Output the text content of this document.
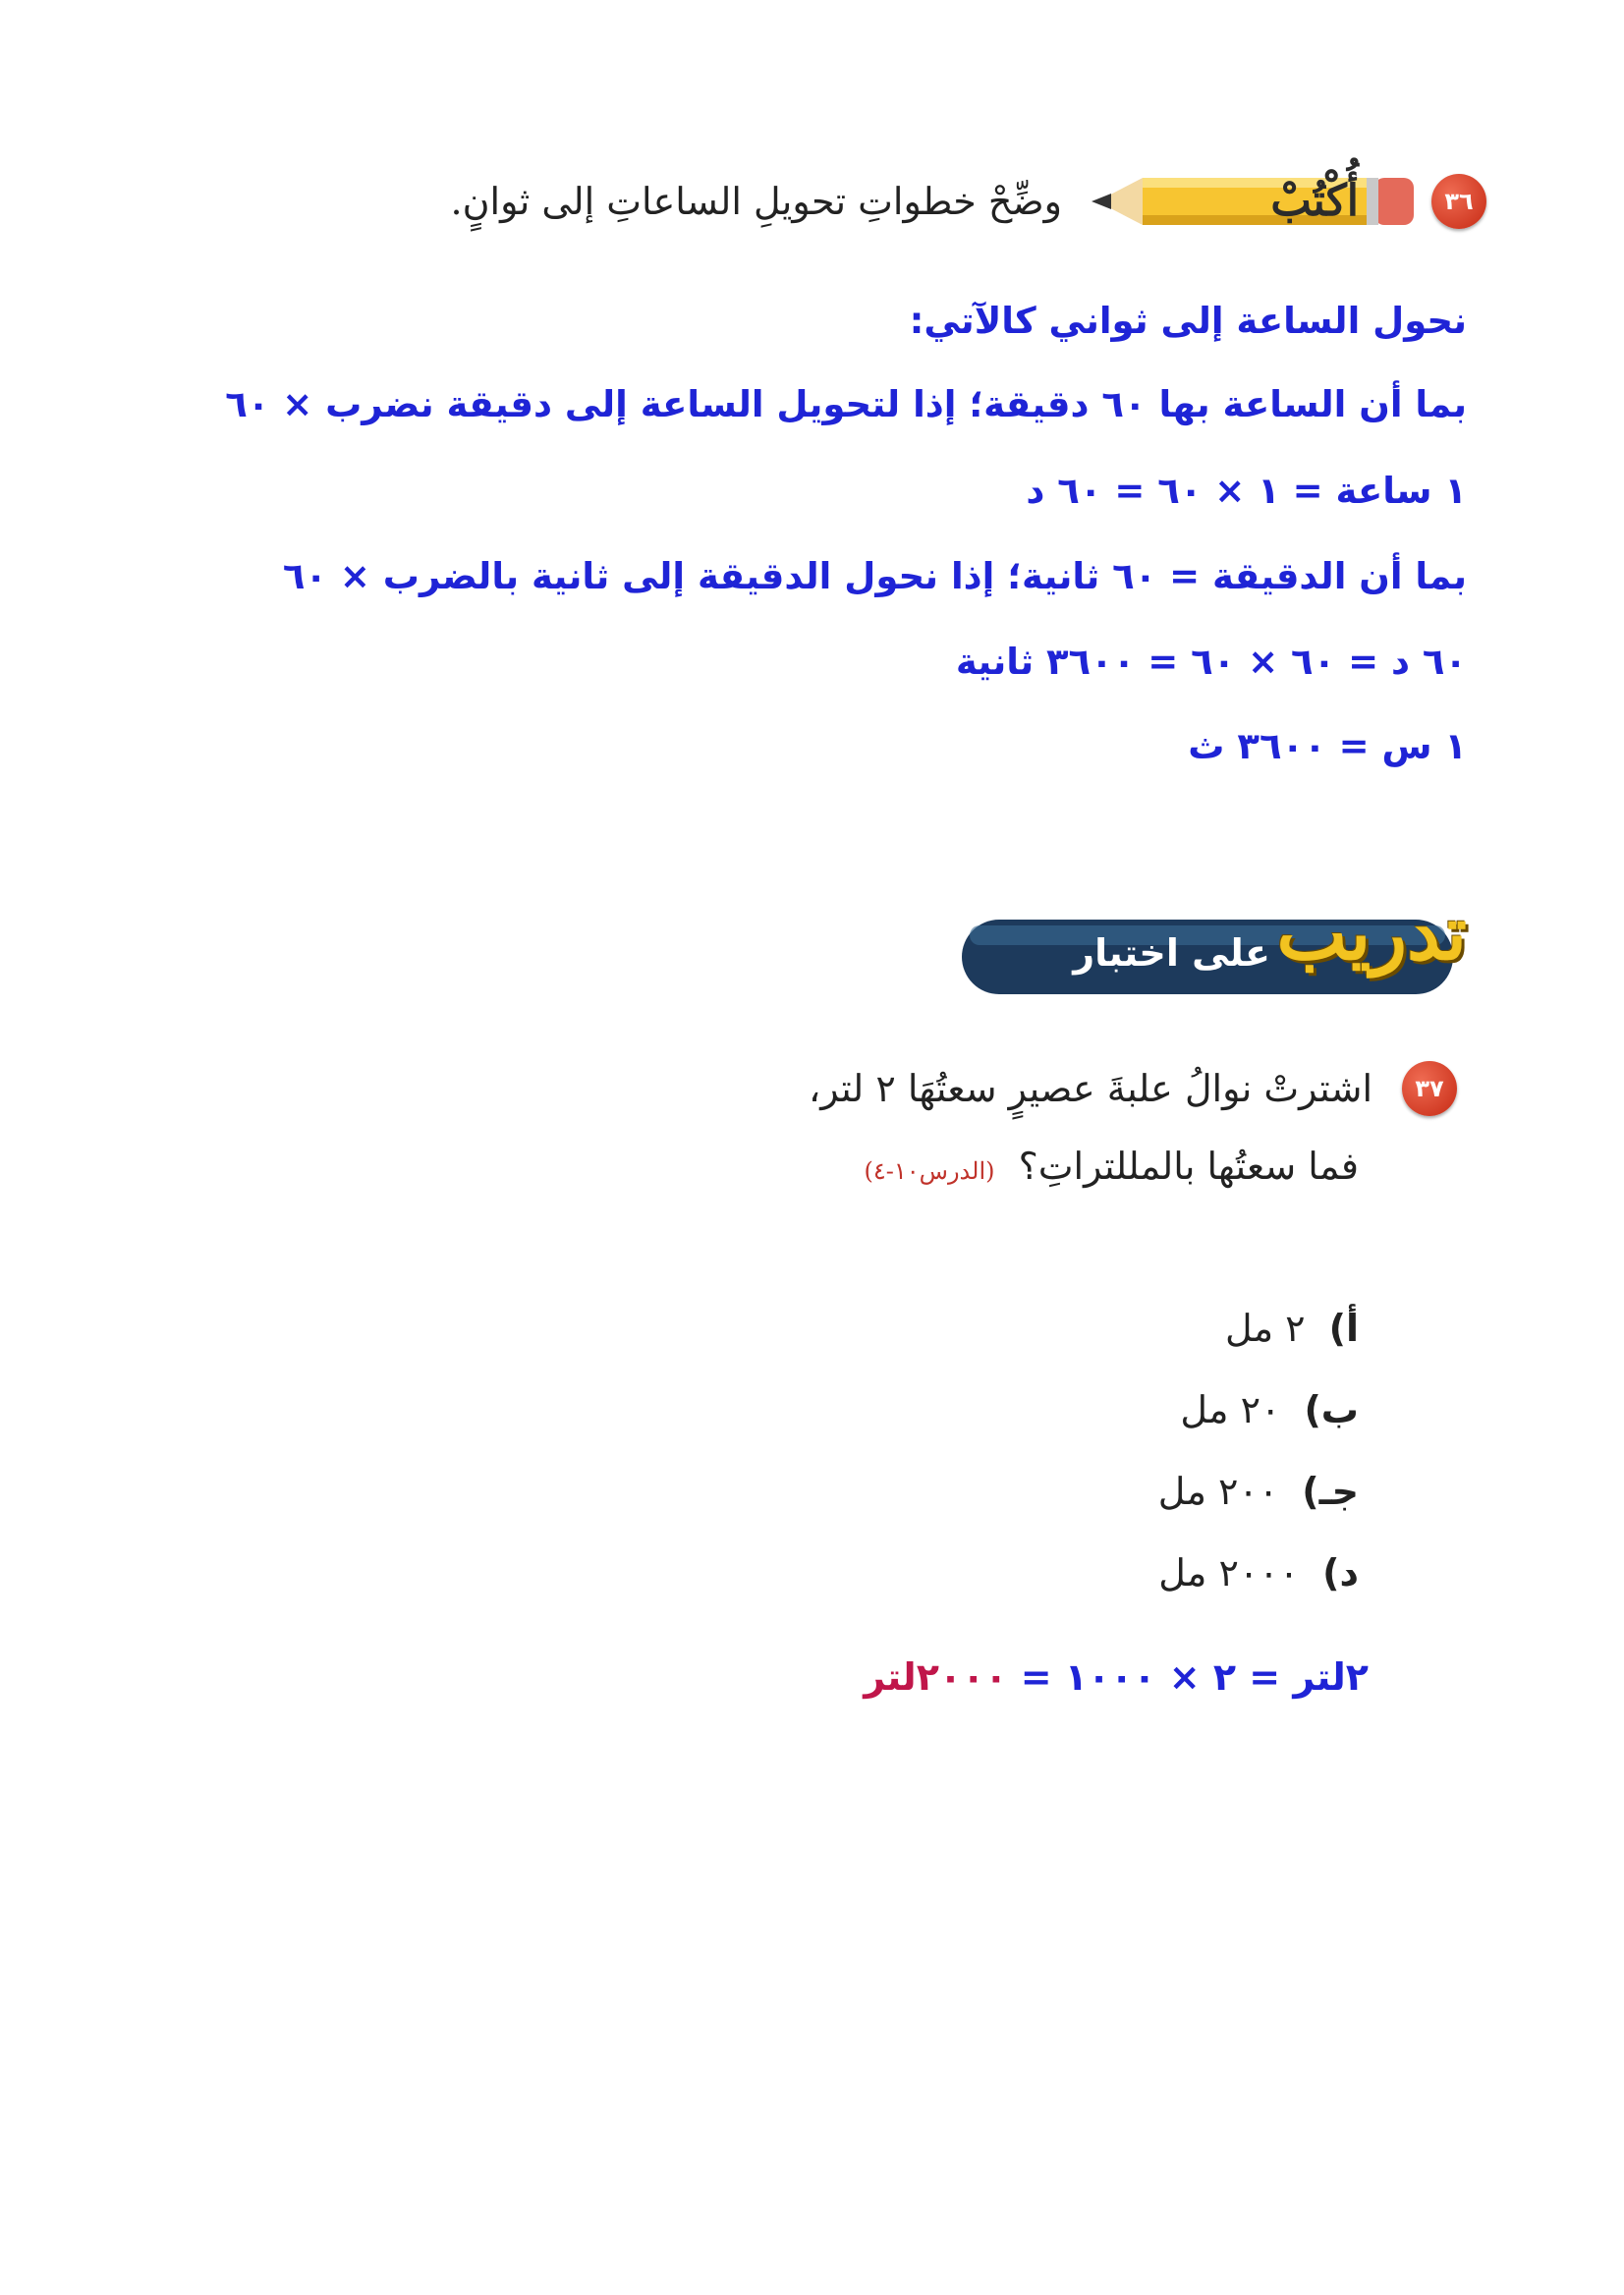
٣٦
أُكْتُبْ
وضِّحْ خطواتِ تحويلِ الساعاتِ إلى ثوانٍ.
نحول الساعة إلى ثواني كالآتي:
بما أن الساعة بها ٦٠ دقيقة؛ إذا لتحويل الساعة إلى دقيقة نضرب × ٦٠
١ ساعة = ١ × ٦٠ = ٦٠ د
بما أن الدقيقة = ٦٠ ثانية؛ إذا نحول الدقيقة إلى ثانية بالضرب × ٦٠
٦٠ د = ٦٠ × ٦٠ = ٣٦٠٠ ثانية
١ س = ٣٦٠٠ ث
تدريب
على اختبار
٣٧
اشترتْ نوالُ علبةَ عصيرٍ سعتُهَا ٢ لتر،
فما سعتُها بالمللتراتِ؟ (الدرس١٠-٤)
أ)
٢ مل
ب)
٢٠ مل
جـ)
٢٠٠ مل
د)
٢٠٠٠ مل
٢لتر = ٢ × ١٠٠٠ = ٢٠٠٠لتر
